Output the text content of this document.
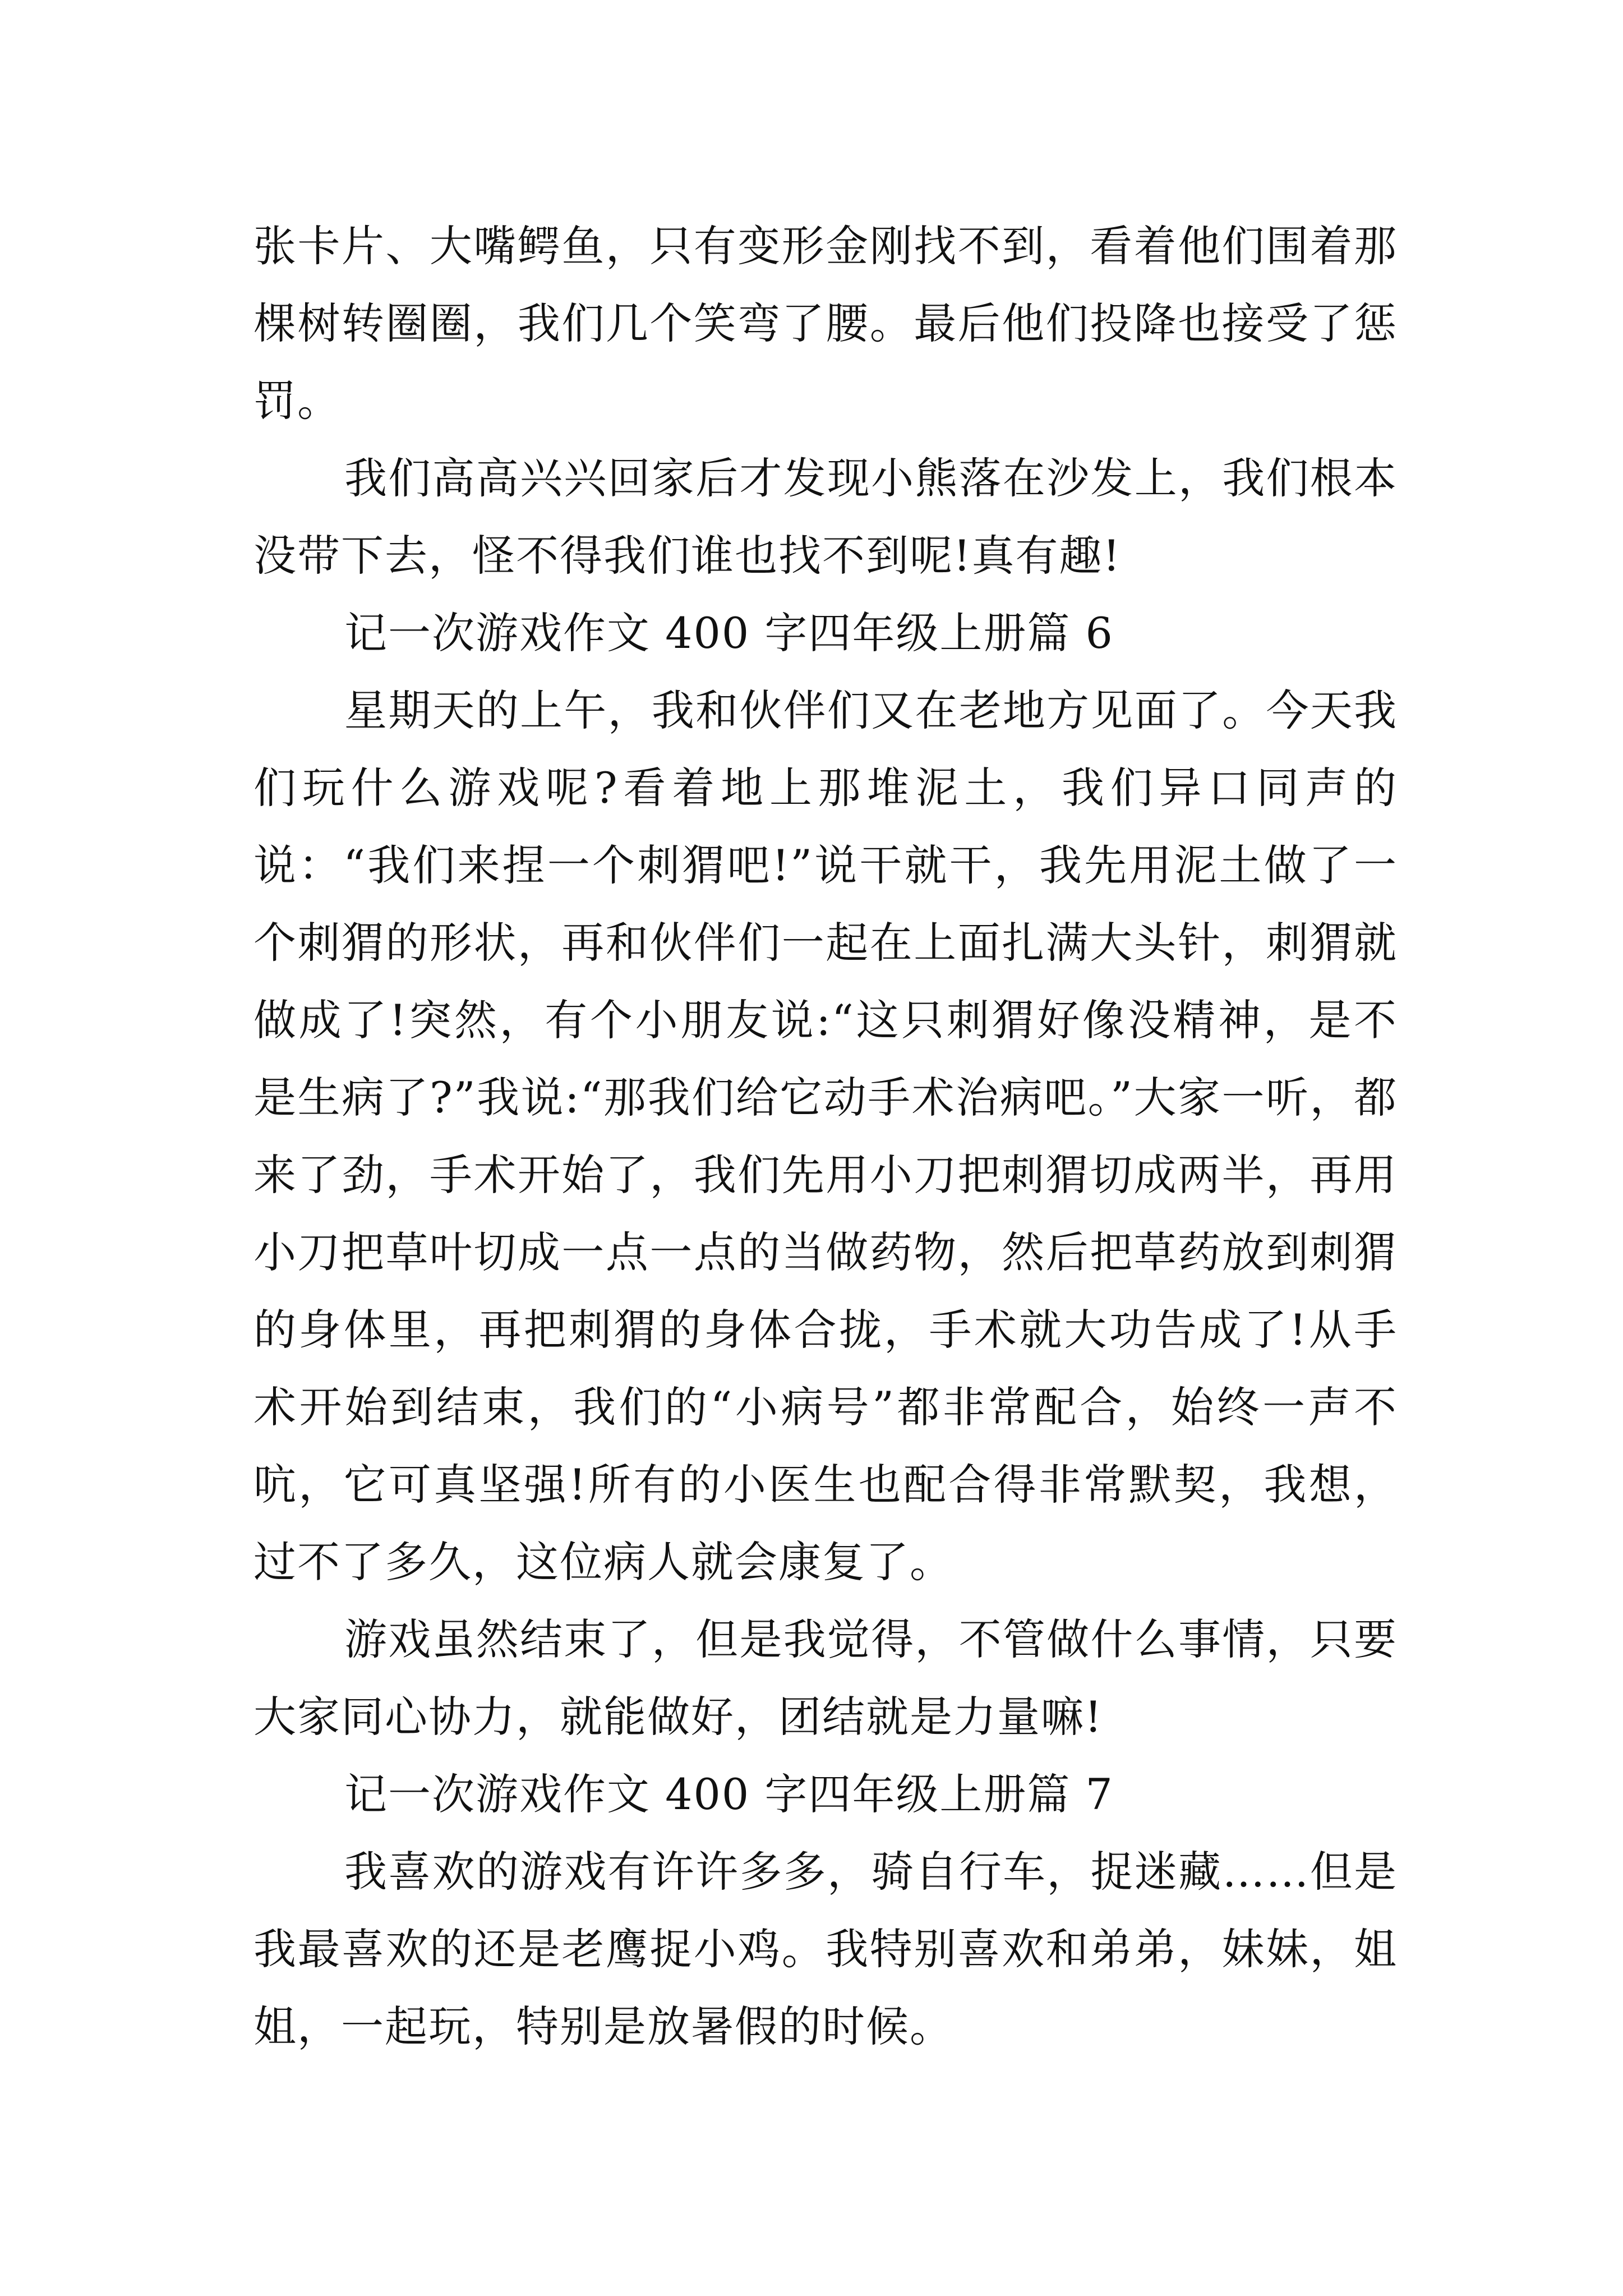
张卡片、大嘴鳄鱼，只有变形金刚找不到，看着他们围着那棵树转圈圈，我们几个笑弯了腰。最后他们投降也接受了惩罚。

我们高高兴兴回家后才发现小熊落在沙发上，我们根本没带下去，怪不得我们谁也找不到呢!真有趣!

记一次游戏作文 400 字四年级上册篇 6

星期天的上午，我和伙伴们又在老地方见面了。今天我们玩什么游戏呢?看着地上那堆泥土，我们异口同声的说：“我们来捏一个刺猬吧!”说干就干，我先用泥土做了一个刺猬的形状，再和伙伴们一起在上面扎满大头针，刺猬就做成了!突然，有个小朋友说:“这只刺猬好像没精神，是不是生病了?”我说:“那我们给它动手术治病吧。”大家一听，都来了劲，手术开始了，我们先用小刀把刺猬切成两半，再用小刀把草叶切成一点一点的当做药物，然后把草药放到刺猬的身体里，再把刺猬的身体合拢，手术就大功告成了!从手术开始到结束，我们的“小病号”都非常配合，始终一声不吭，它可真坚强!所有的小医生也配合得非常默契，我想，过不了多久，这位病人就会康复了。

游戏虽然结束了，但是我觉得，不管做什么事情，只要大家同心协力，就能做好，团结就是力量嘛!

记一次游戏作文 400 字四年级上册篇 7

我喜欢的游戏有许许多多，骑自行车，捉迷藏……但是我最喜欢的还是老鹰捉小鸡。我特别喜欢和弟弟，妹妹，姐姐，一起玩，特别是放暑假的时候。
